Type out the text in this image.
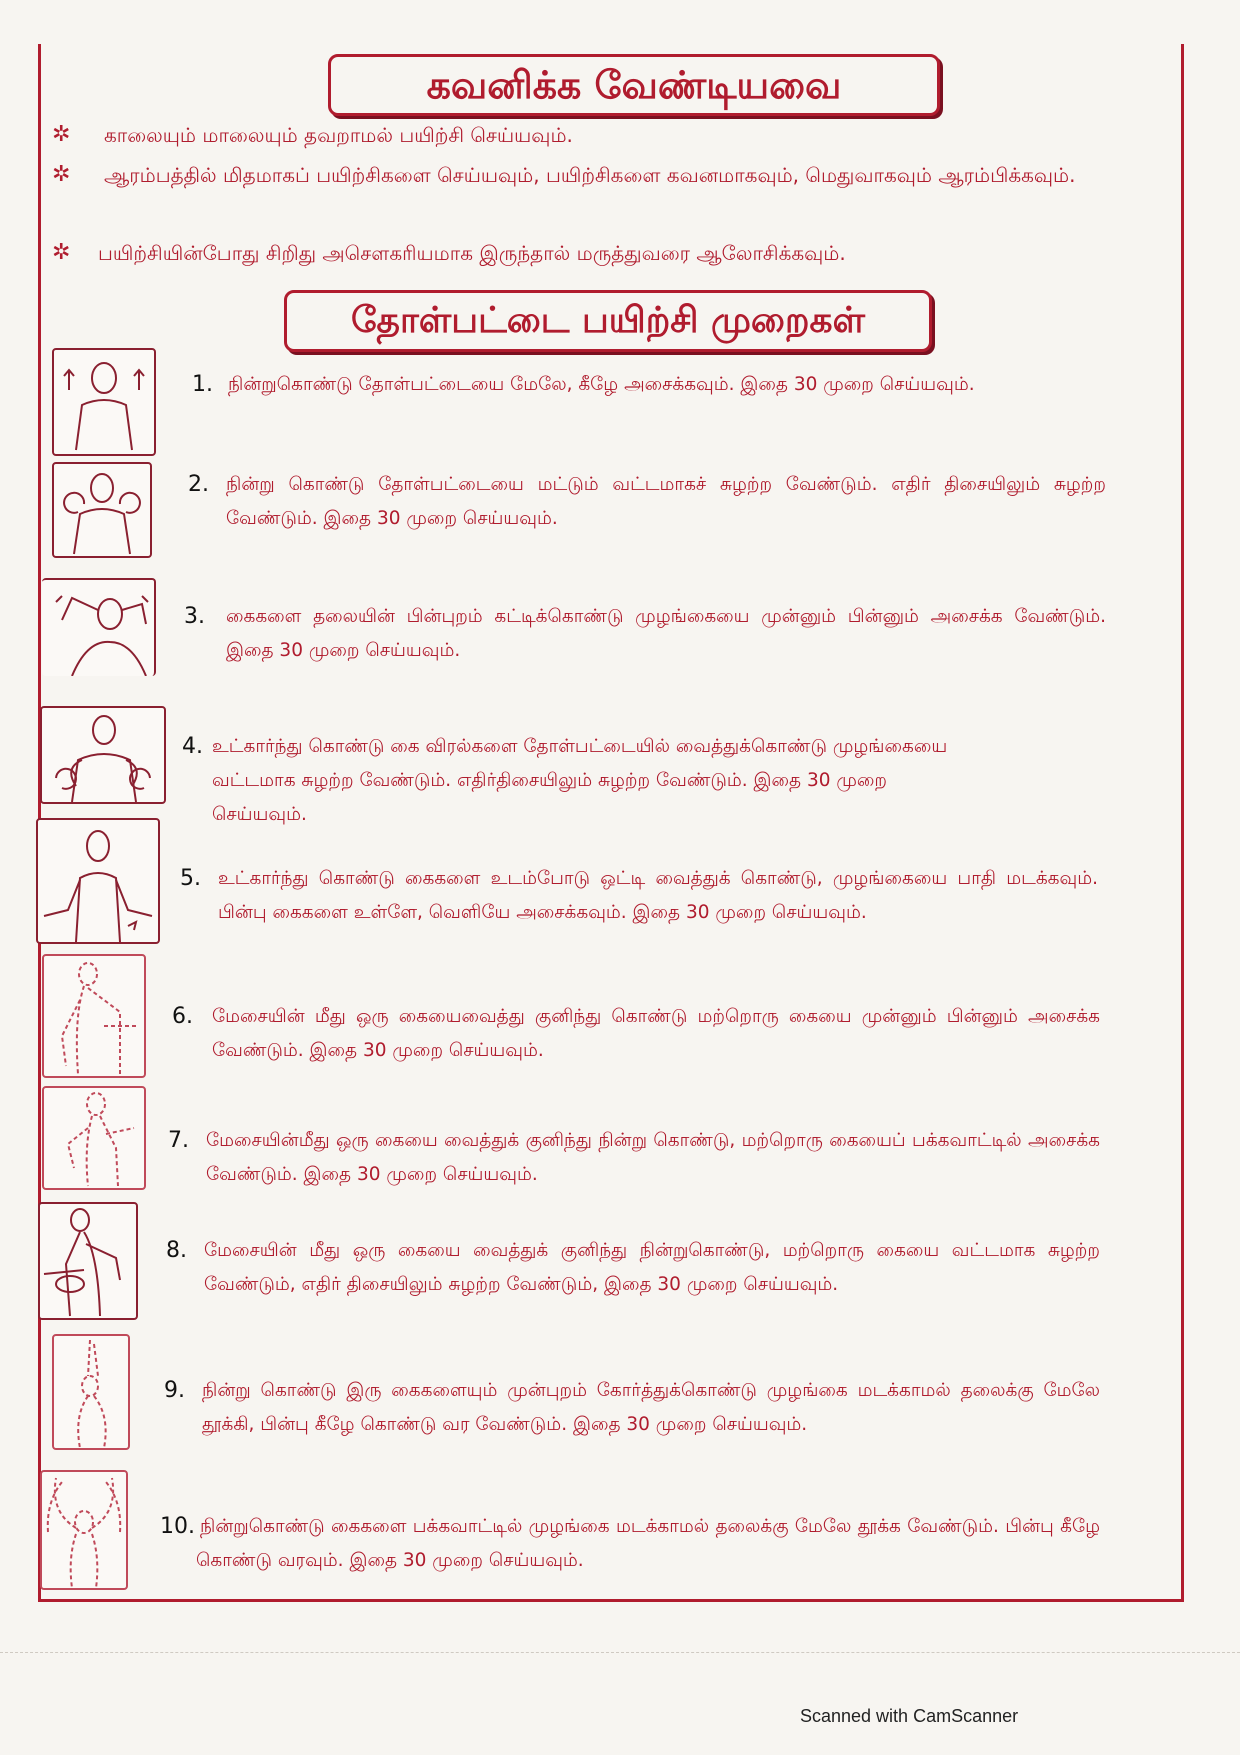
கவனிக்க வேண்டியவை
✲	காலையும் மாலையும் தவறாமல் பயிற்சி செய்யவும்.
✲	ஆரம்பத்தில் மிதமாகப் பயிற்சிகளை செய்யவும், பயிற்சிகளை கவனமாகவும், மெதுவாகவும் ஆரம்பிக்கவும்.
✲	பயிற்சியின்போது சிறிது அசௌகரியமாக இருந்தால் மருத்துவரை ஆலோசிக்கவும்.
தோள்பட்டை பயிற்சி முறைகள்
1. நின்றுகொண்டு தோள்பட்டையை மேலே, கீழே அசைக்கவும். இதை 30 முறை செய்யவும்.
2. நின்று கொண்டு தோள்பட்டையை மட்டும் வட்டமாகச் சுழற்ற வேண்டும். எதிர் திசையிலும் சுழற்ற வேண்டும். இதை 30 முறை செய்யவும்.
3. கைகளை தலையின் பின்புறம் கட்டிக்கொண்டு முழங்கையை முன்னும் பின்னும் அசைக்க வேண்டும். இதை 30 முறை செய்யவும்.
4. உட்கார்ந்து கொண்டு கை விரல்களை தோள்பட்டையில் வைத்துக்கொண்டு முழங்கையை வட்டமாக சுழற்ற வேண்டும். எதிர்திசையிலும் சுழற்ற வேண்டும். இதை 30 முறை செய்யவும்.
5. உட்கார்ந்து கொண்டு கைகளை உடம்போடு ஒட்டி வைத்துக் கொண்டு, முழங்கையை பாதி மடக்கவும். பின்பு கைகளை உள்ளே, வெளியே அசைக்கவும். இதை 30 முறை செய்யவும்.
6. மேசையின் மீது ஒரு கையைவைத்து குனிந்து கொண்டு மற்றொரு கையை முன்னும் பின்னும் அசைக்க வேண்டும். இதை 30 முறை செய்யவும்.
7. மேசையின்மீது ஒரு கையை வைத்துக் குனிந்து நின்று கொண்டு, மற்றொரு கையைப் பக்கவாட்டில் அசைக்க வேண்டும். இதை 30 முறை செய்யவும்.
8. மேசையின் மீது ஒரு கையை வைத்துக் குனிந்து நின்றுகொண்டு, மற்றொரு கையை வட்டமாக சுழற்ற வேண்டும், எதிர் திசையிலும் சுழற்ற வேண்டும், இதை 30 முறை செய்யவும்.
9. நின்று கொண்டு இரு கைகளையும் முன்புறம் கோர்த்துக்கொண்டு முழங்கை மடக்காமல் தலைக்கு மேலே தூக்கி, பின்பு கீழே கொண்டு வர வேண்டும். இதை 30 முறை செய்யவும்.
10. நின்றுகொண்டு கைகளை பக்கவாட்டில் முழங்கை மடக்காமல் தலைக்கு மேலே தூக்க வேண்டும். பின்பு கீழே கொண்டு வரவும். இதை 30 முறை செய்யவும்.
Scanned with CamScanner
